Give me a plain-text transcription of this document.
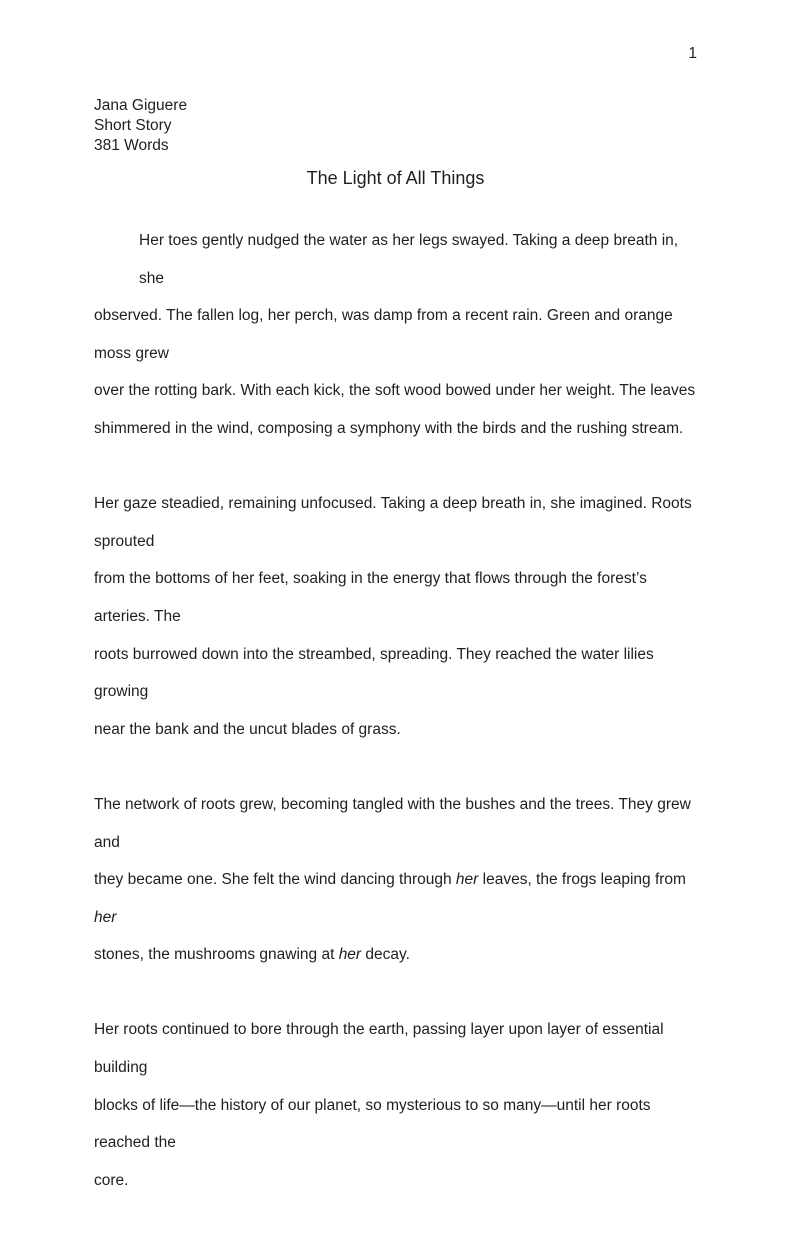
1
Jana Giguere
Short Story
381 Words
The Light of All Things
Her toes gently nudged the water as her legs swayed. Taking a deep breath in, she
observed. The fallen log, her perch, was damp from a recent rain. Green and orange moss grew
over the rotting bark. With each kick, the soft wood bowed under her weight. The leaves
shimmered in the wind, composing a symphony with the birds and the rushing stream.
Her gaze steadied, remaining unfocused. Taking a deep breath in, she imagined. Roots sprouted
from the bottoms of her feet, soaking in the energy that flows through the forest’s arteries. The
roots burrowed down into the streambed, spreading. They reached the water lilies growing
near the bank and the uncut blades of grass.
The network of roots grew, becoming tangled with the bushes and the trees. They grew and
they became one. She felt the wind dancing through her leaves, the frogs leaping from her
stones, the mushrooms gnawing at her decay.
Her roots continued to bore through the earth, passing layer upon layer of essential building
blocks of life—the history of our planet, so mysterious to so many—until her roots reached the
core.
